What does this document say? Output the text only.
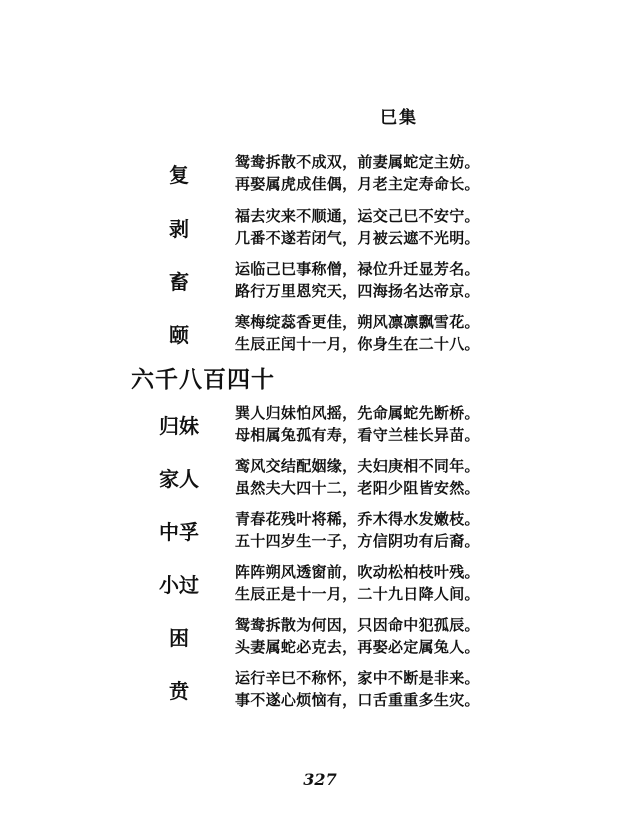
巳集
复
鸳鸯拆散不成双，前妻属蛇定主妨。
再娶属虎成佳偶，月老主定寿命长。
剥
福去灾来不顺通，运交己巳不安宁。
几番不遂若闭气，月被云遮不光明。
畜
运临己巳事称僧，禄位升迁显芳名。
路行万里恩究天，四海扬名达帝京。
颐
寒梅绽蕊香更佳，朔风凛凛飘雪花。
生辰正闰十一月，你身生在二十八。
六千八百四十
归妹
巽人归妹怕风摇，先命属蛇先断桥。
母相属兔孤有寿，看守兰桂长异苗。
家人
鸾风交结配姻缘，夫妇庚相不同年。
虽然夫大四十二，老阳少阻皆安然。
中孚
青春花残叶将稀，乔木得水发嫩枝。
五十四岁生一子，方信阴功有后裔。
小过
阵阵朔风透窗前，吹动松柏枝叶残。
生辰正是十一月，二十九日降人间。
困
鸳鸯拆散为何因，只因命中犯孤辰。
头妻属蛇必克去，再娶必定属兔人。
贲
运行辛巳不称怀，家中不断是非来。
事不遂心烦恼有，口舌重重多生灾。
327
